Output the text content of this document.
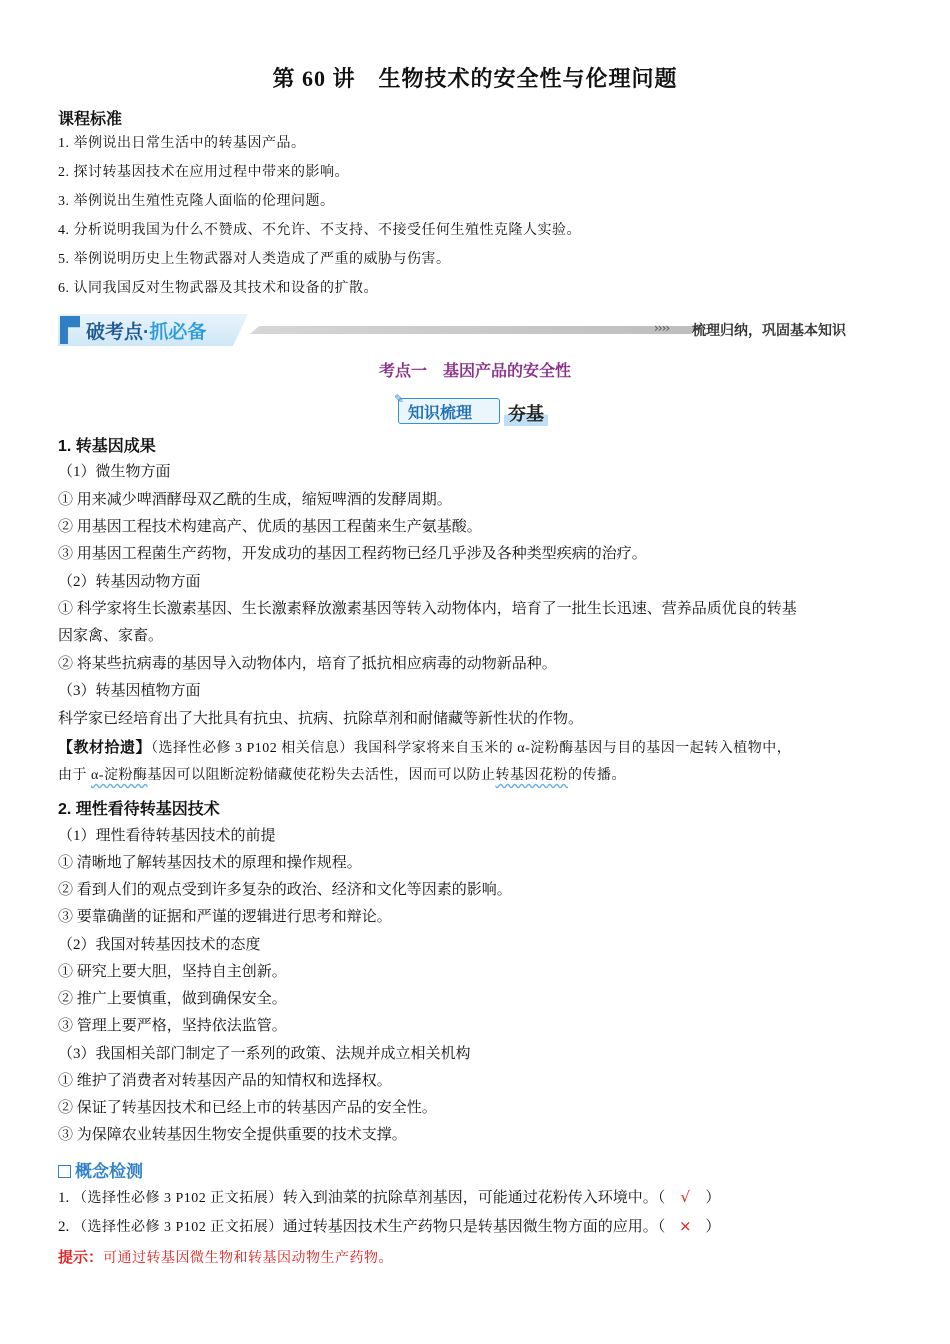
第 60 讲　生物技术的安全性与伦理问题
课程标准
1. 举例说出日常生活中的转基因产品。
2. 探讨转基因技术在应用过程中带来的影响。
3. 举例说出生殖性克隆人面临的伦理问题。
4. 分析说明我国为什么不赞成、不允许、不支持、不接受任何生殖性克隆人实验。
5. 举例说明历史上生物武器对人类造成了严重的威胁与伤害。
6. 认同我国反对生物武器及其技术和设备的扩散。
破考点·抓必备	›››› 梳理归纳，巩固基本知识
考点一　基因产品的安全性
✎
知识梳理 夯基
1. 转基因成果
（1）微生物方面
① 用来减少啤酒酵母双乙酰的生成，缩短啤酒的发酵周期。
② 用基因工程技术构建高产、优质的基因工程菌来生产氨基酸。
③ 用基因工程菌生产药物，开发成功的基因工程药物已经几乎涉及各种类型疾病的治疗。
（2）转基因动物方面
① 科学家将生长激素基因、生长激素释放激素基因等转入动物体内，培育了一批生长迅速、营养品质优良的转基
因家禽、家畜。
② 将某些抗病毒的基因导入动物体内，培育了抵抗相应病毒的动物新品种。
（3）转基因植物方面
科学家已经培育出了大批具有抗虫、抗病、抗除草剂和耐储藏等新性状的作物。
【教材拾遗】（选择性必修 3 P102 相关信息）我国科学家将来自玉米的 α-淀粉酶基因与目的基因一起转入植物中，
由于 α-淀粉酶基因可以阻断淀粉储藏使花粉失去活性，因而可以防止转基因花粉的传播。
2. 理性看待转基因技术
（1）理性看待转基因技术的前提
① 清晰地了解转基因技术的原理和操作规程。
② 看到人们的观点受到许多复杂的政治、经济和文化等因素的影响。
③ 要靠确凿的证据和严谨的逻辑进行思考和辩论。
（2）我国对转基因技术的态度
① 研究上要大胆，坚持自主创新。
② 推广上要慎重，做到确保安全。
③ 管理上要严格，坚持依法监管。
（3）我国相关部门制定了一系列的政策、法规并成立相关机构
① 维护了消费者对转基因产品的知情权和选择权。
② 保证了转基因技术和已经上市的转基因产品的安全性。
③ 为保障农业转基因生物安全提供重要的技术支撑。
概念检测
1. （选择性必修 3 P102 正文拓展）转入到油菜的抗除草剂基因，可能通过花粉传入环境中。（ √ ）
2. （选择性必修 3 P102 正文拓展）通过转基因技术生产药物只是转基因微生物方面的应用。（ × ）
提示：可通过转基因微生物和转基因动物生产药物。
